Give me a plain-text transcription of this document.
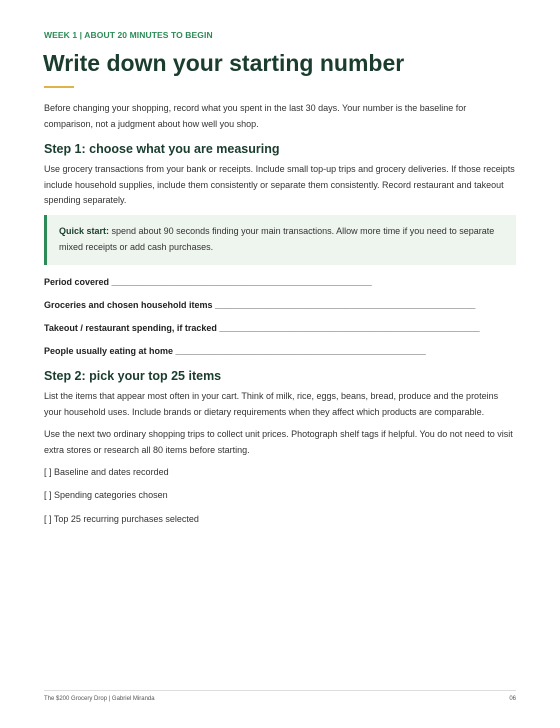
WEEK 1 | ABOUT 20 MINUTES TO BEGIN
Write down your starting number

Before changing your shopping, record what you spent in the last 30 days. Your number is the baseline for comparison, not a judgment about how well you shop.

Step 1: choose what you are measuring

Use grocery transactions from your bank or receipts. Include small top-up trips and grocery deliveries. If those receipts include household supplies, include them consistently or separate them consistently. Record restaurant and takeout spending separately.

Quick start: spend about 90 seconds finding your main transactions. Allow more time if you need to separate mixed receipts or add cash purchases.
Period covered ____________________________________________________
Groceries and chosen household items ____________________________________________________
Takeout / restaurant spending, if tracked ____________________________________________________
People usually eating at home __________________________________________________
Step 2: pick your top 25 items

List the items that appear most often in your cart. Think of milk, rice, eggs, beans, bread, produce and the proteins your household uses. Include brands or dietary requirements when they affect which products are comparable.

Use the next two ordinary shopping trips to collect unit prices. Photograph shelf tags if helpful. You do not need to visit extra stores or research all 80 items before starting.

[ ] Baseline and dates recorded
[ ] Spending categories chosen
[ ] Top 25 recurring purchases selected
The $200 Grocery Drop | Gabriel Miranda	06
